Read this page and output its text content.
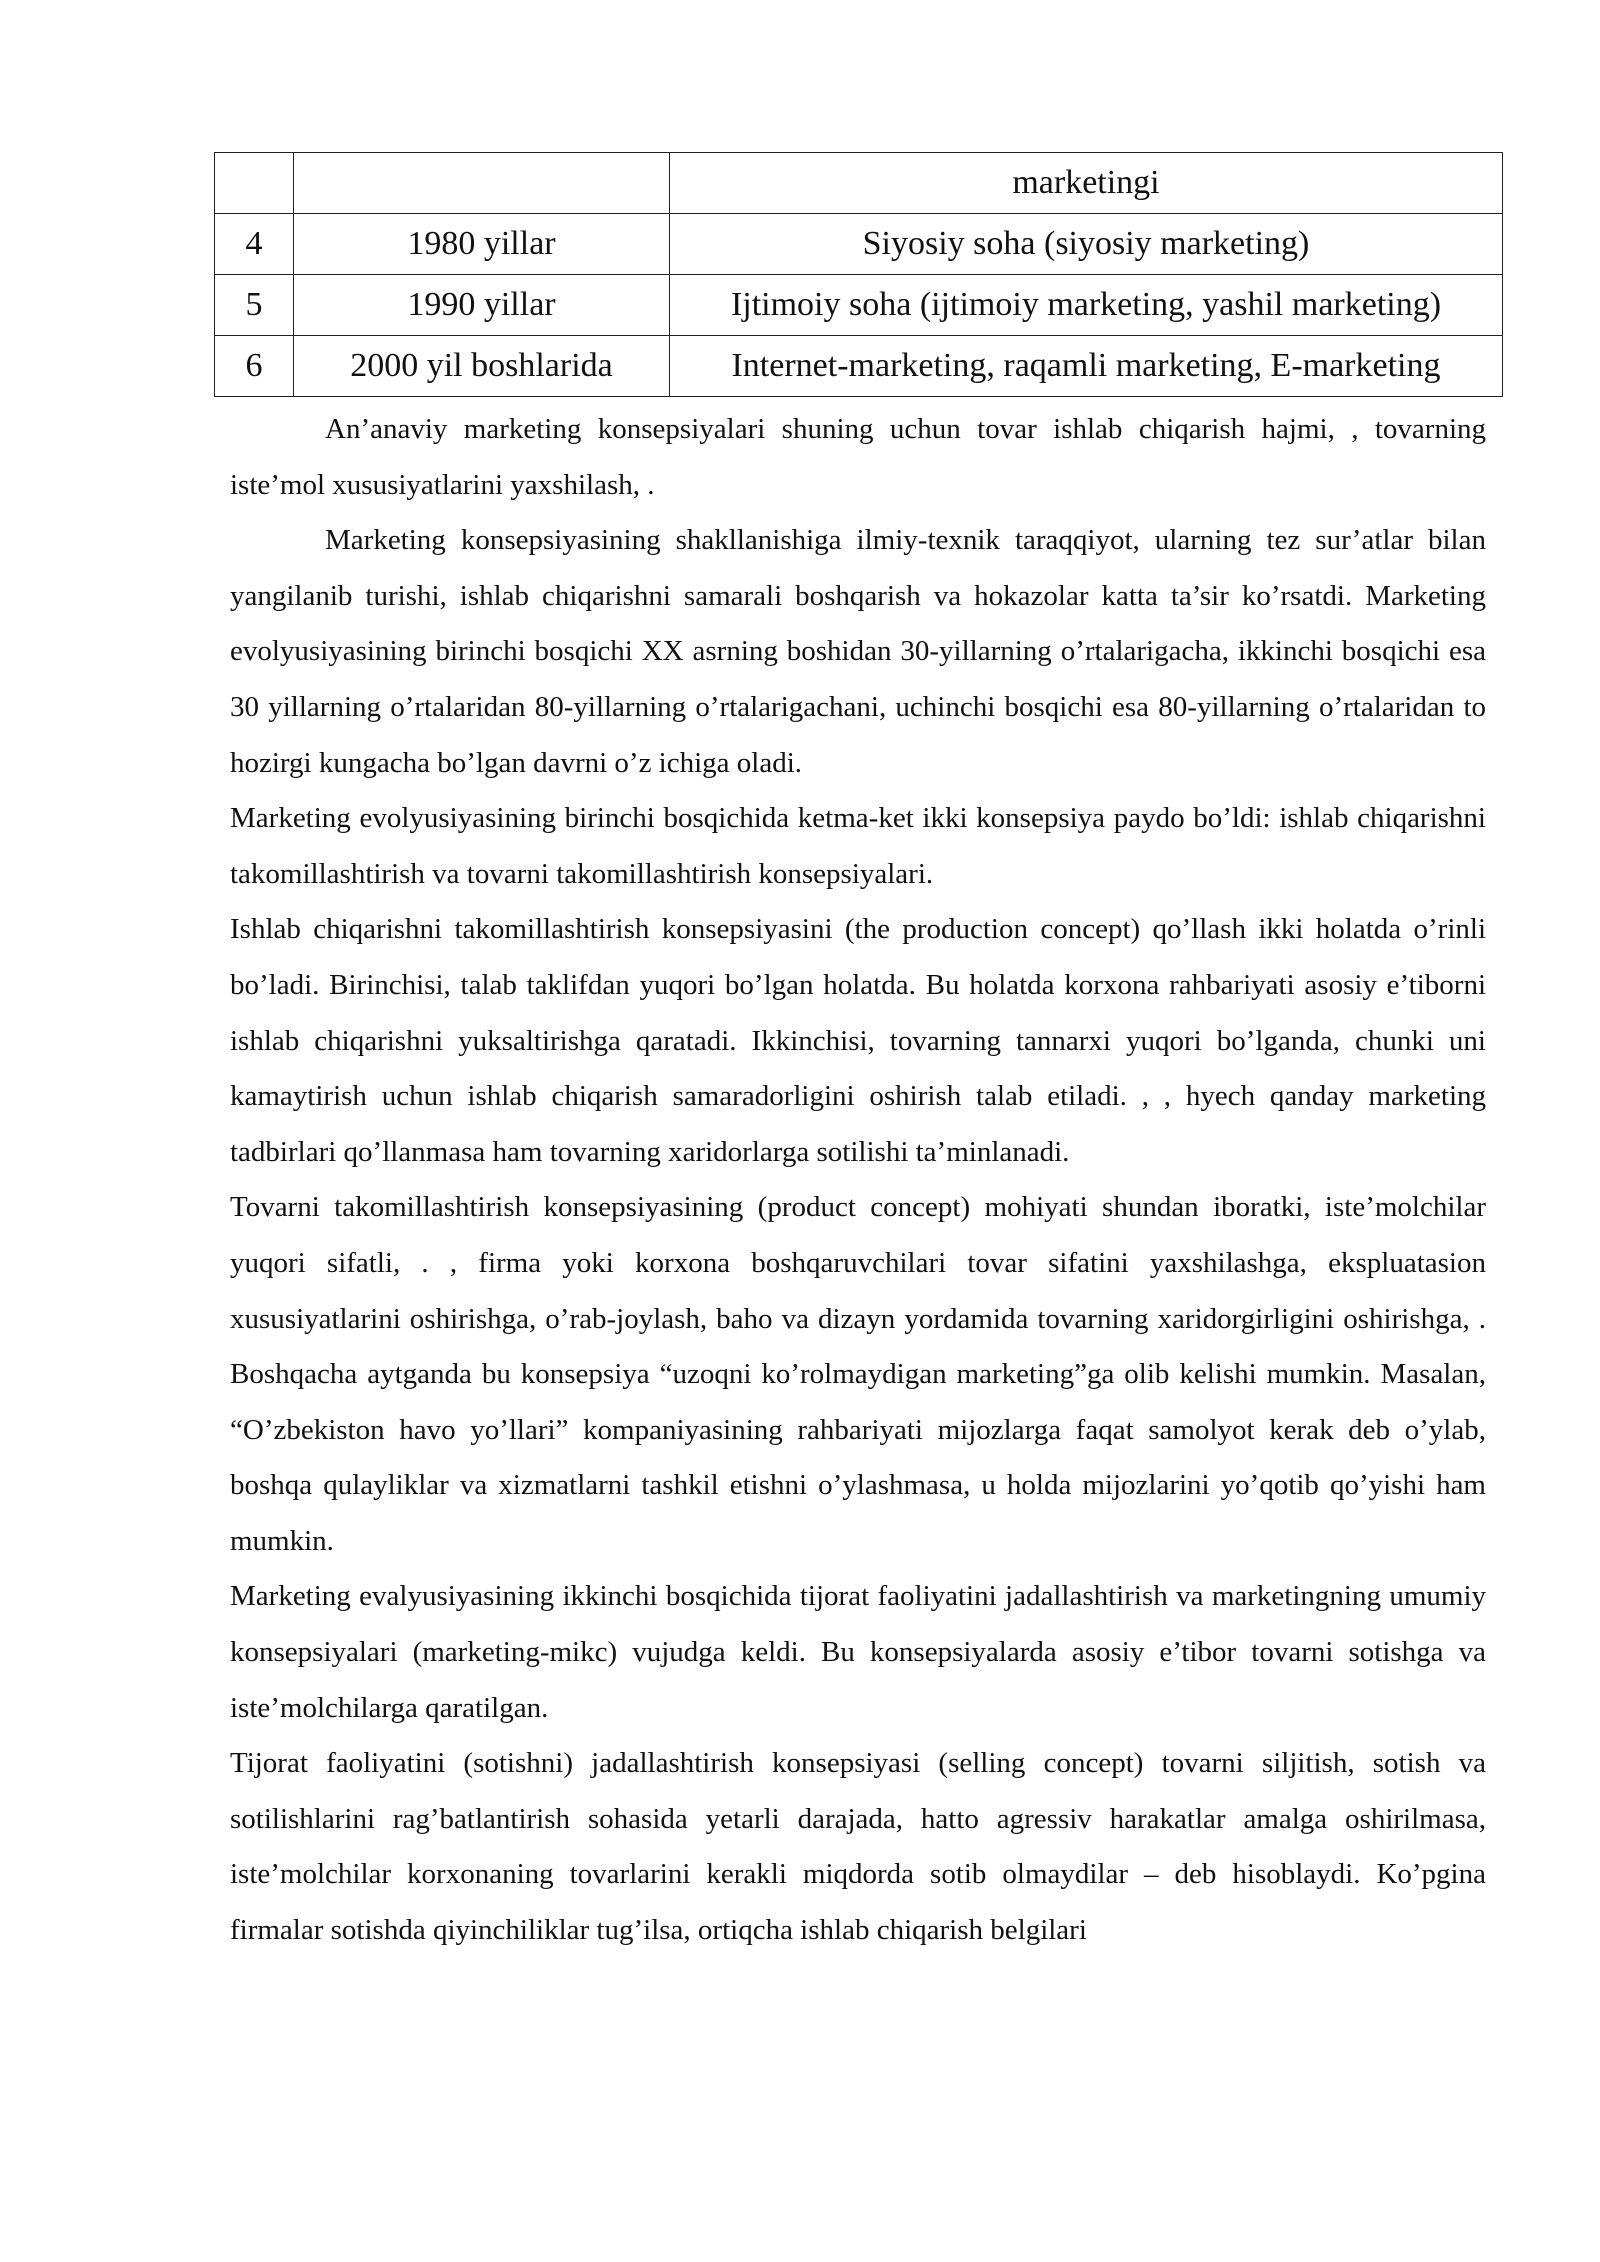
		marketingi
4	1980 yillar	Siyosiy soha (siyosiy marketing)
5	1990 yillar	Ijtimoiy soha (ijtimoiy marketing, yashil marketing)
6	2000 yil boshlarida	Internet-marketing, raqamli marketing, E-marketing

An’anaviy marketing konsepsiyalari shuning uchun tovar ishlab chiqarish hajmi, , tovarning iste’mol xususiyatlarini yaxshilash, .

Marketing konsepsiyasining shakllanishiga ilmiy-texnik taraqqiyot, ularning tez sur’atlar bilan yangilanib turishi, ishlab chiqarishni samarali boshqarish va hokazolar katta ta’sir ko’rsatdi. Marketing evolyusiyasining birinchi bosqichi XX asrning boshidan 30-yillarning o’rtalarigacha, ikkinchi bosqichi esa 30 yillarning o’rtalaridan 80-yillarning o’rtalarigachani, uchinchi bosqichi esa 80-yillarning o’rtalaridan to hozirgi kungacha bo’lgan davrni o’z ichiga oladi.

Marketing evolyusiyasining birinchi bosqichida ketma-ket ikki konsepsiya paydo bo’ldi: ishlab chiqarishni takomillashtirish va tovarni takomillashtirish konsepsiyalari.

Ishlab chiqarishni takomillashtirish konsepsiyasini (the production concept) qo’llash ikki holatda o’rinli bo’ladi. Birinchisi, talab taklifdan yuqori bo’lgan holatda. Bu holatda korxona rahbariyati asosiy e’tiborni ishlab chiqarishni yuksaltirishga qaratadi. Ikkinchisi, tovarning tannarxi yuqori bo’lganda, chunki uni kamaytirish uchun ishlab chiqarish samaradorligini oshirish talab etiladi. , , hyech qanday marketing tadbirlari qo’llanmasa ham tovarning xaridorlarga sotilishi ta’minlanadi.

Tovarni takomillashtirish konsepsiyasining (product concept) mohiyati shundan iboratki, iste’molchilar yuqori sifatli, . , firma yoki korxona boshqaruvchilari tovar sifatini yaxshilashga, ekspluatasion xususiyatlarini oshirishga, o’rab-joylash, baho va dizayn yordamida tovarning xaridorgirligini oshirishga, . Boshqacha aytganda bu konsepsiya “uzoqni ko’rolmaydigan marketing”ga olib kelishi mumkin. Masalan, “O’zbekiston havo yo’llari” kompaniyasining rahbariyati mijozlarga faqat samolyot kerak deb o’ylab, boshqa qulayliklar va xizmatlarni tashkil etishni o’ylashmasa, u holda mijozlarini yo’qotib qo’yishi ham mumkin.

Marketing evalyusiyasining ikkinchi bosqichida tijorat faoliyatini jadallashtirish va marketingning umumiy konsepsiyalari (marketing-mikc) vujudga keldi. Bu konsepsiyalarda asosiy e’tibor tovarni sotishga va iste’molchilarga qaratilgan.

Tijorat faoliyatini (sotishni) jadallashtirish konsepsiyasi (selling concept) tovarni siljitish, sotish va sotilishlarini rag’batlantirish sohasida yetarli darajada, hatto agressiv harakatlar amalga oshirilmasa, iste’molchilar korxonaning tovarlarini kerakli miqdorda sotib olmaydilar – deb hisoblaydi. Ko’pgina firmalar sotishda qiyinchiliklar tug’ilsa, ortiqcha ishlab chiqarish belgilari
